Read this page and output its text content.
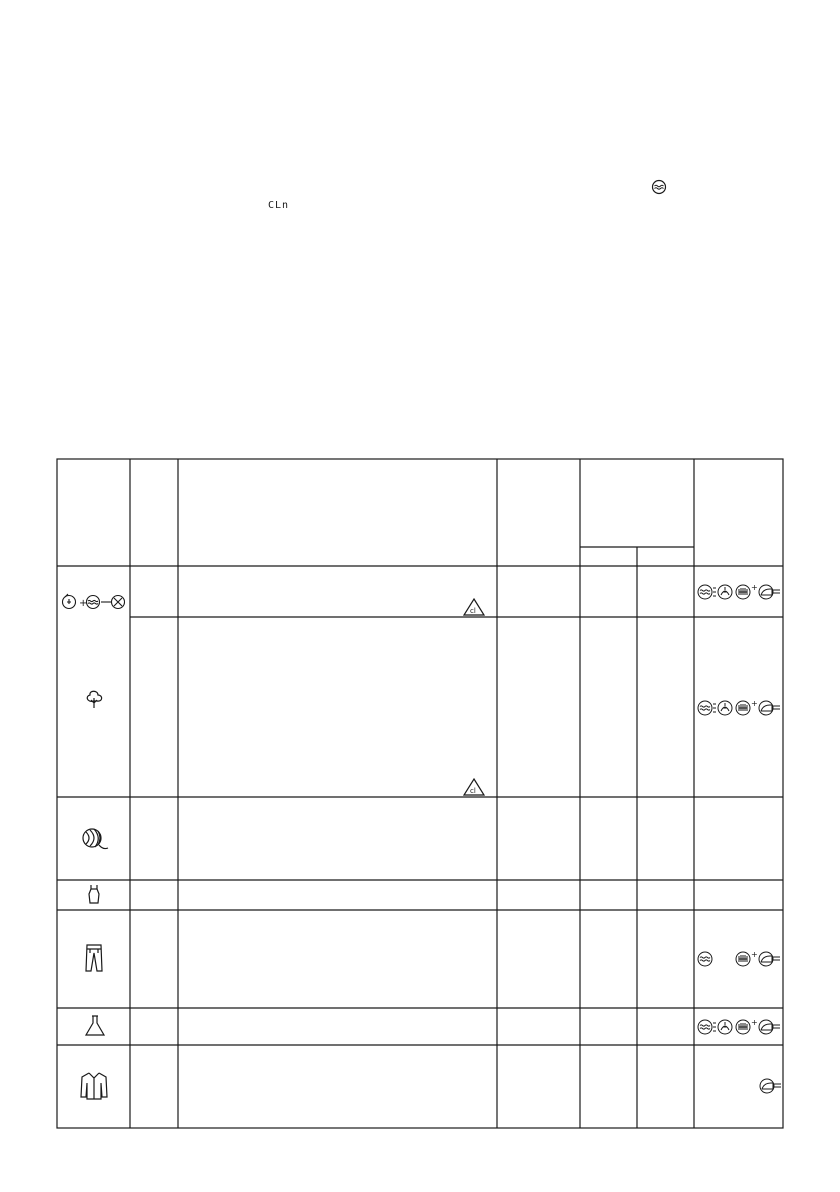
CLn
+
cl
+
cl
+
+
+
